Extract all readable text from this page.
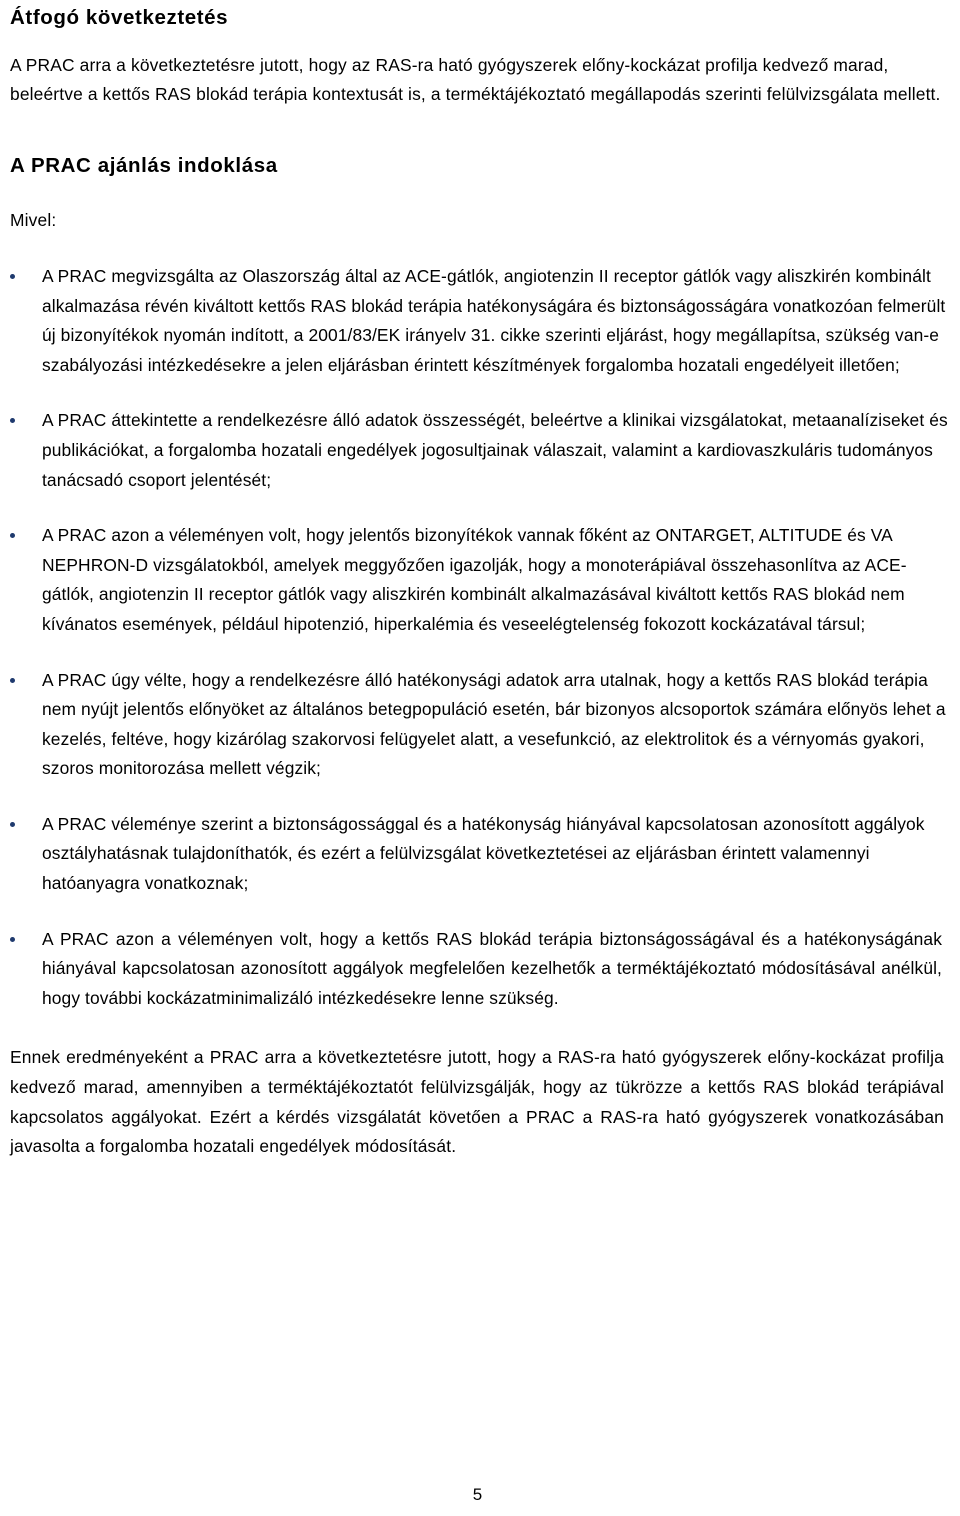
Átfogó következtetés

A PRAC arra a következtetésre jutott, hogy az RAS-ra ható gyógyszerek előny-kockázat profilja kedvező marad, beleértve a kettős RAS blokád terápia kontextusát is, a terméktájékoztató megállapodás szerinti felülvizsgálata mellett.

A PRAC ajánlás indoklása

Mivel:

A PRAC megvizsgálta az Olaszország által az ACE-gátlók, angiotenzin II receptor gátlók vagy aliszkirén kombinált alkalmazása révén kiváltott kettős RAS blokád terápia hatékonyságára és biztonságosságára vonatkozóan felmerült új bizonyítékok nyomán indított, a 2001/83/EK irányelv 31. cikke szerinti eljárást, hogy megállapítsa, szükség van-e szabályozási intézkedésekre a jelen eljárásban érintett készítmények forgalomba hozatali engedélyeit illetően;
A PRAC áttekintette a rendelkezésre álló adatok összességét, beleértve a klinikai vizsgálatokat, metaanalíziseket és publikációkat, a forgalomba hozatali engedélyek jogosultjainak válaszait, valamint a kardiovaszkuláris tudományos tanácsadó csoport jelentését;
A PRAC azon a véleményen volt, hogy jelentős bizonyítékok vannak főként az ONTARGET, ALTITUDE és VA NEPHRON-D vizsgálatokból, amelyek meggyőzően igazolják, hogy a monoterápiával összehasonlítva az ACE-gátlók, angiotenzin II receptor gátlók vagy aliszkirén kombinált alkalmazásával kiváltott kettős RAS blokád nem kívánatos események, például hipotenzió, hiperkalémia és veseelégtelenség fokozott kockázatával társul;
A PRAC úgy vélte, hogy a rendelkezésre álló hatékonysági adatok arra utalnak, hogy a kettős RAS blokád terápia nem nyújt jelentős előnyöket az általános betegpopuláció esetén, bár bizonyos alcsoportok számára előnyös lehet a kezelés, feltéve, hogy kizárólag szakorvosi felügyelet alatt, a vesefunkció, az elektrolitok és a vérnyomás gyakori, szoros monitorozása mellett végzik;
A PRAC véleménye szerint a biztonságossággal és a hatékonyság hiányával kapcsolatosan azonosított aggályok osztályhatásnak tulajdoníthatók, és ezért a felülvizsgálat következtetései az eljárásban érintett valamennyi hatóanyagra vonatkoznak;
A PRAC azon a véleményen volt, hogy a kettős RAS blokád terápia biztonságosságával és a hatékonyságának hiányával kapcsolatosan azonosított aggályok megfelelően kezelhetők a terméktájékoztató módosításával anélkül, hogy további kockázatminimalizáló intézkedésekre lenne szükség.

Ennek eredményeként a PRAC arra a következtetésre jutott, hogy a RAS-ra ható gyógyszerek előny-kockázat profilja kedvező marad, amennyiben a terméktájékoztatót felülvizsgálják, hogy az tükrözze a kettős RAS blokád terápiával kapcsolatos aggályokat. Ezért a kérdés vizsgálatát követően a PRAC a RAS-ra ható gyógyszerek vonatkozásában javasolta a forgalomba hozatali engedélyek módosítását.

5
